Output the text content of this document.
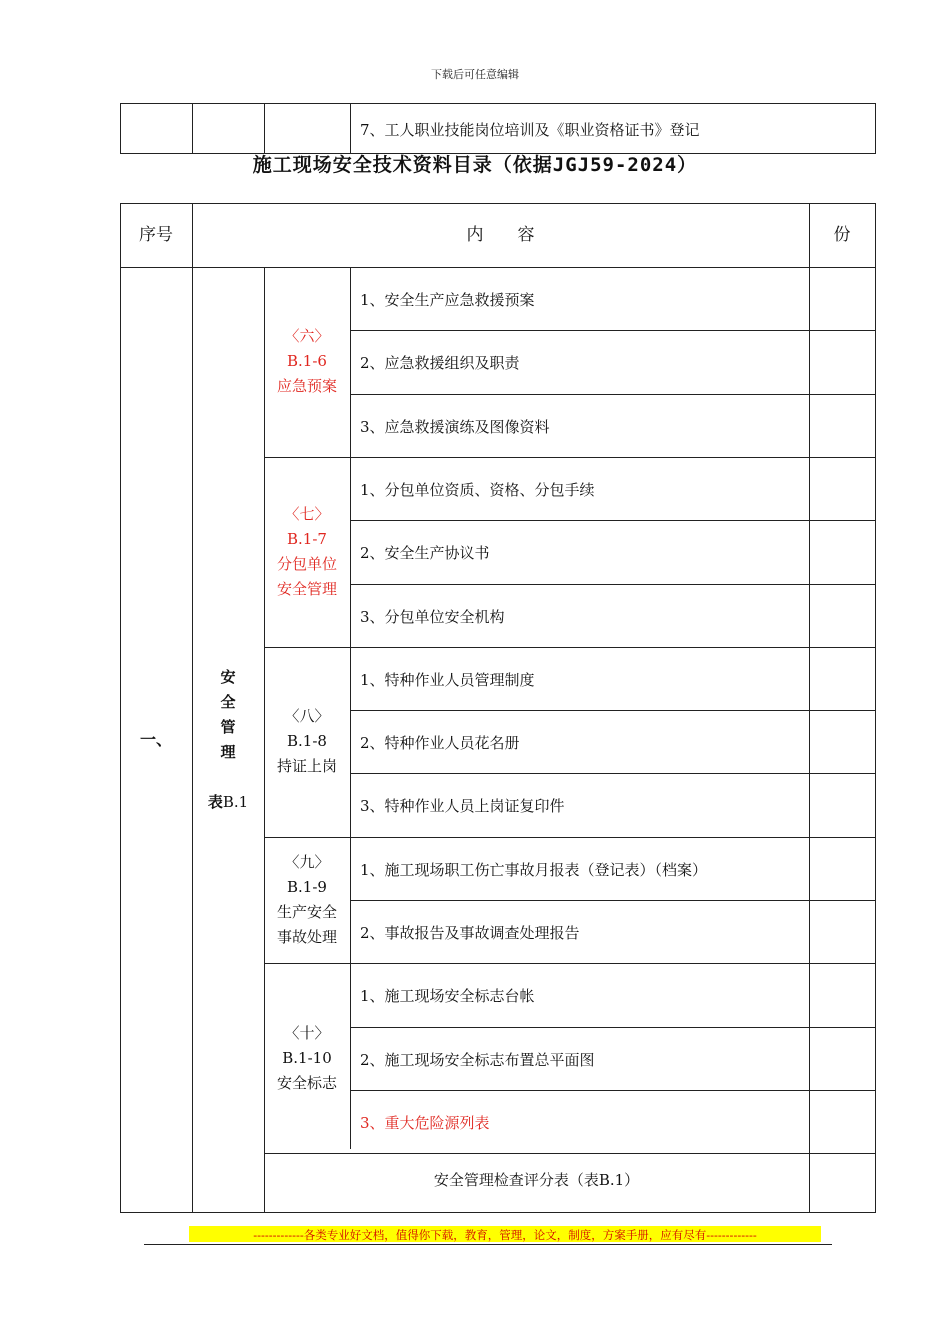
下载后可任意编辑
7、工人职业技能岗位培训及《职业资格证书》登记
施工现场安全技术资料目录（依据JGJ59-2024）
序号	内　　容	份
一、
安
全
管
理
表B.1
安全管理检查评分表（表B.1）
〈六〉
B.1-6
应急预案
1、安全生产应急救援预案
2、应急救援组织及职责
3、应急救援演练及图像资料
〈七〉
B.1-7
分包单位
安全管理
1、分包单位资质、资格、分包手续
2、安全生产协议书
3、分包单位安全机构
〈八〉
B.1-8
持证上岗
1、特种作业人员管理制度
2、特种作业人员花名册
3、特种作业人员上岗证复印件
〈九〉
B.1-9
生产安全
事故处理
1、施工现场职工伤亡事故月报表（登记表）（档案）
2、事故报告及事故调查处理报告
〈十〉
B.1-10
安全标志
1、施工现场安全标志台帐
2、施工现场安全标志布置总平面图
3、重大危险源列表
-------------各类专业好文档，值得你下载，教育，管理，论文，制度，方案手册，应有尽有-------------
